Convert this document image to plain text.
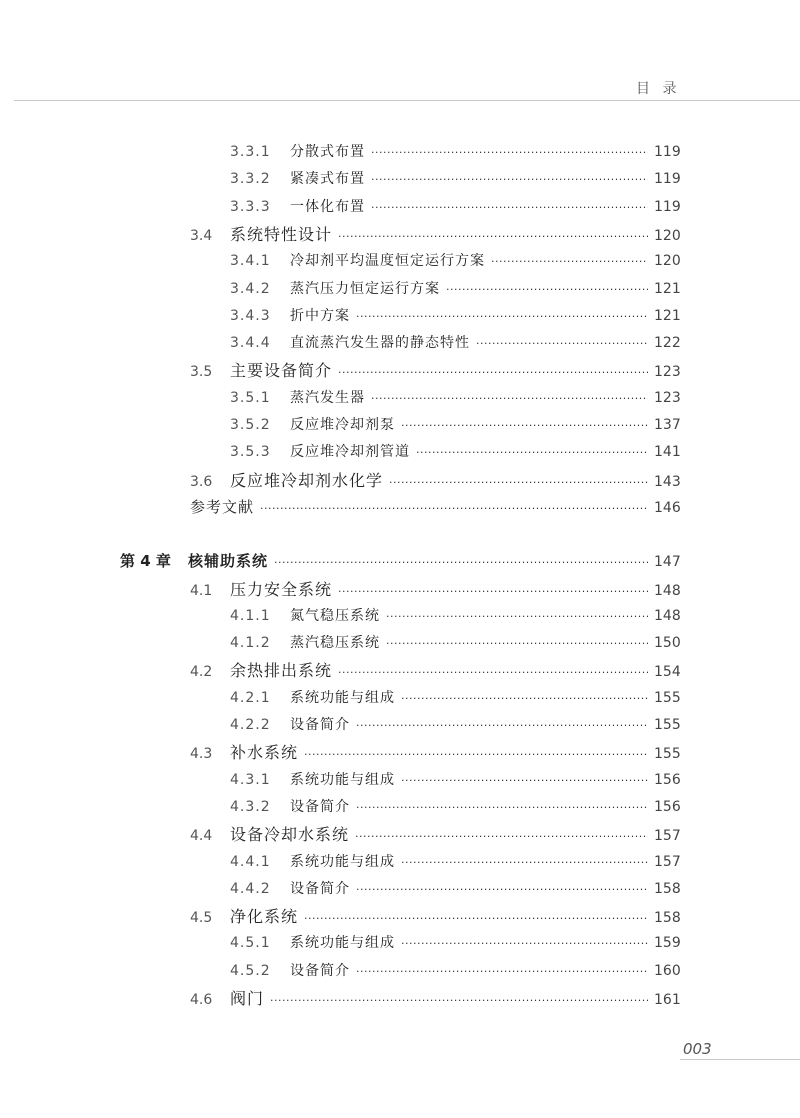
目 录
3.3.1	分散式布置 ·····	119
3.3.2	紧凑式布置 ·····	119
3.3.3	一体化布置 ·····	119
3.4	系统特性设计 ·····	120
3.4.1	冷却剂平均温度恒定运行方案 ·····	120
3.4.2	蒸汽压力恒定运行方案 ·····	121
3.4.3	折中方案 ·····	121
3.4.4	直流蒸汽发生器的静态特性 ·····	122
3.5	主要设备简介 ·····	123
3.5.1	蒸汽发生器 ·····	123
3.5.2	反应堆冷却剂泵 ·····	137
3.5.3	反应堆冷却剂管道 ·····	141
3.6	反应堆冷却剂水化学 ·····	143
参考文献 ·····	146
第 4 章	核辅助系统 ·····	147
4.1	压力安全系统 ·····	148
4.1.1	氮气稳压系统 ·····	148
4.1.2	蒸汽稳压系统 ·····	150
4.2	余热排出系统 ·····	154
4.2.1	系统功能与组成 ·····	155
4.2.2	设备简介 ·····	155
4.3	补水系统 ·····	155
4.3.1	系统功能与组成 ·····	156
4.3.2	设备简介 ·····	156
4.4	设备冷却水系统 ·····	157
4.4.1	系统功能与组成 ·····	157
4.4.2	设备简介 ·····	158
4.5	净化系统 ·····	158
4.5.1	系统功能与组成 ·····	159
4.5.2	设备简介 ·····	160
4.6	阀门 ·····	161
003
